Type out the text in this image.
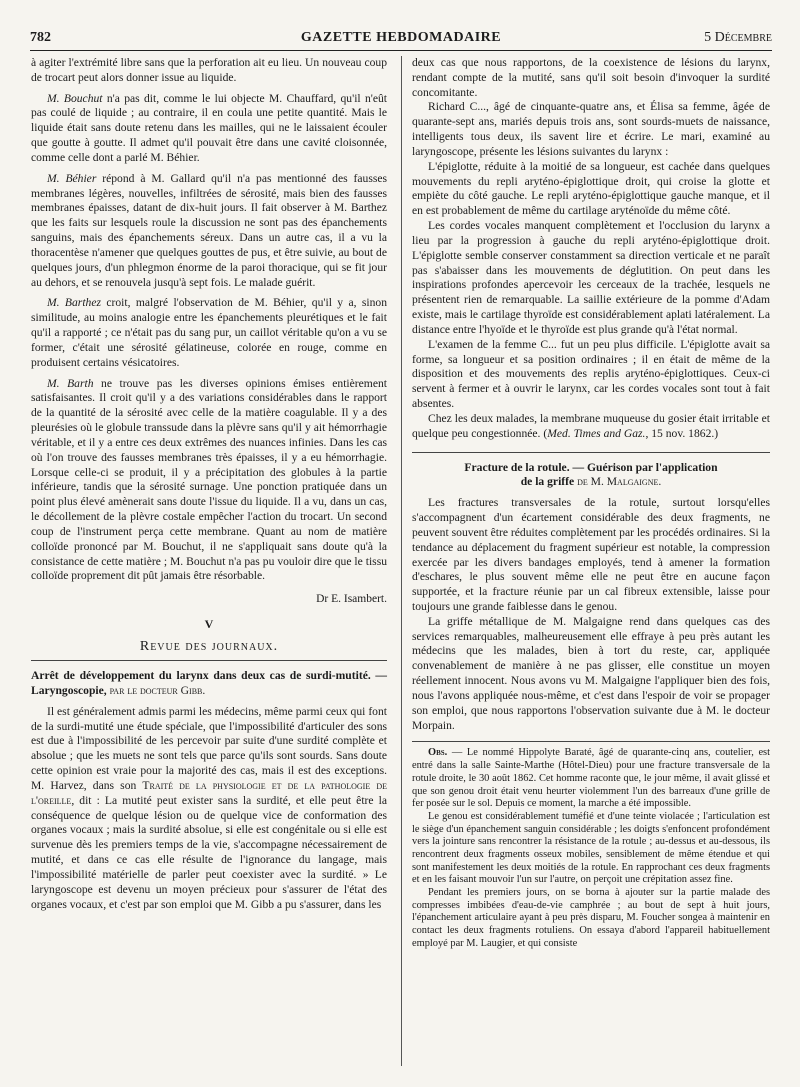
782	GAZETTE HEBDOMADAIRE	5 Décembre

à agiter l'extrémité libre sans que la perforation ait eu lieu. Un nouveau coup de trocart peut alors donner issue au liquide.

M. Bouchut n'a pas dit, comme le lui objecte M. Chauffard, qu'il n'eût pas coulé de liquide ; au contraire, il en coula une petite quantité. Mais le liquide était sans doute retenu dans les mailles, qui ne le laissaient écouler que goutte à goutte. Il admet qu'il pouvait être dans une cavité cloisonnée, comme celle dont a parlé M. Béhier.

M. Béhier répond à M. Gallard qu'il n'a pas mentionné des fausses membranes légères, nouvelles, infiltrées de sérosité, mais bien des fausses membranes épaisses, datant de dix-huit jours. Il fait observer à M. Barthez que les faits sur lesquels roule la discussion ne sont pas des épanchements sanguins, mais des épanchements séreux. Dans un autre cas, il a vu la thoracentèse n'amener que quelques gouttes de pus, et être suivie, au bout de quelques jours, d'un phlegmon énorme de la paroi thoracique, qui se fit jour au dehors, et se renouvela jusqu'à sept fois. Le malade guérit.

M. Barthez croit, malgré l'observation de M. Béhier, qu'il y a, sinon similitude, au moins analogie entre les épanchements pleurétiques et le fait qu'il a rapporté ; ce n'était pas du sang pur, un caillot véritable qu'on a vu se former, c'était une sérosité gélatineuse, colorée en rouge, comme en produisent certains vésicatoires.

M. Barth ne trouve pas les diverses opinions émises entièrement satisfaisantes. Il croit qu'il y a des variations considérables dans le rapport de la quantité de la sérosité avec celle de la matière coagulable. Il y a des pleurésies où le globule transsude dans la plèvre sans qu'il y ait hémorrhagie véritable, et il y a entre ces deux extrêmes des nuances infinies. Dans les cas où l'on trouve des fausses membranes très épaisses, il y a eu hémorrhagie. Lorsque celle-ci se produit, il y a précipitation des globules à la partie inférieure, tandis que la sérosité surnage. Une ponction pratiquée dans un point plus élevé amènerait sans doute l'issue du liquide. Il a vu, dans un cas, le décollement de la plèvre costale empêcher l'action du trocart. Un second coup de l'instrument perça cette membrane. Quant au nom de matière colloïde prononcé par M. Bouchut, il ne s'appliquait sans doute qu'à la consistance de cette matière ; M. Bouchut n'a pas pu vouloir dire que le tissu colloïde proprement dit pût jamais être résorbable.

Dr E. Isambert.

V
Revue des journaux.

Arrêt de développement du larynx dans deux cas de surdi-mutité. — Laryngoscopie, par le docteur Gibb.

Il est généralement admis parmi les médecins, même parmi ceux qui font de la surdi-mutité une étude spéciale, que l'impossibilité d'articuler des sons est due à l'impossibilité de les percevoir par suite d'une surdité complète et absolue ; que les muets ne sont tels que parce qu'ils sont sourds. Sans doute cette opinion est vraie pour la majorité des cas, mais il est des exceptions. M. Harvez, dans son Traité de la physiologie et de la pathologie de l'oreille, dit : La mutité peut exister sans la surdité, et elle peut être la conséquence de quelque lésion ou de quelque vice de conformation des organes vocaux ; mais la surdité absolue, si elle est congénitale ou si elle est survenue dès les premiers temps de la vie, s'accompagne nécessairement de mutité, et dans ce cas elle résulte de l'ignorance du langage, mais l'impossibilité matérielle de parler peut coexister avec la surdité. » Le laryngoscope est devenu un moyen précieux pour s'assurer de l'état des organes vocaux, et c'est par son emploi que M. Gibb a pu s'assurer, dans les

deux cas que nous rapportons, de la coexistence de lésions du larynx, rendant compte de la mutité, sans qu'il soit besoin d'invoquer la surdité concomitante.

Richard C..., âgé de cinquante-quatre ans, et Élisa sa femme, âgée de quarante-sept ans, mariés depuis trois ans, sont sourds-muets de naissance, intelligents tous deux, ils savent lire et écrire. Le mari, examiné au laryngoscope, présente les lésions suivantes du larynx :

L'épiglotte, réduite à la moitié de sa longueur, est cachée dans quelques mouvements du repli aryténo-épiglottique droit, qui croise la glotte et empiète du côté gauche. Le repli aryténo-épiglottique gauche manque, et il en est probablement de même du cartilage aryténoïde du même côté.

Les cordes vocales manquent complètement et l'occlusion du larynx a lieu par la progression à gauche du repli aryténo-épiglottique droit. L'épiglotte semble conserver constamment sa direction verticale et ne paraît pas s'abaisser dans les mouvements de déglutition. On peut dans les inspirations profondes apercevoir les cerceaux de la trachée, lesquels ne présentent rien de remarquable. La saillie extérieure de la pomme d'Adam existe, mais le cartilage thyroïde est considérablement aplati latéralement. La distance entre l'hyoïde et le thyroïde est plus grande qu'à l'état normal.

L'examen de la femme C... fut un peu plus difficile. L'épiglotte avait sa forme, sa longueur et sa position ordinaires ; il en était de même de la disposition et des mouvements des replis aryténo-épiglottiques. Ceux-ci servent à fermer et à ouvrir le larynx, car les cordes vocales sont tout à fait absentes.

Chez les deux malades, la membrane muqueuse du gosier était irritable et quelque peu congestionnée. (Med. Times and Gaz., 15 nov. 1862.)

Fracture de la rotule. — Guérison par l'application
de la griffe de M. Malgaigne.

Les fractures transversales de la rotule, surtout lorsqu'elles s'accompagnent d'un écartement considérable des deux fragments, ne peuvent souvent être réduites complètement par les procédés ordinaires. Si la tendance au déplacement du fragment supérieur est notable, la compression exercée par les divers bandages employés, tend à amener la formation d'eschares, le plus souvent même elle ne peut être en aucune façon supportée, et la fracture réunie par un cal fibreux extensible, laisse pour toujours une grande faiblesse dans le genou.

La griffe métallique de M. Malgaigne rend dans quelques cas des services remarquables, malheureusement elle effraye à peu près autant les médecins que les malades, bien à tort du reste, car, appliquée convenablement de manière à ne pas glisser, elle constitue un moyen réellement innocent. Nous avons vu M. Malgaigne l'appliquer bien des fois, nous l'avons appliquée nous-même, et c'est dans l'espoir de voir se propager son emploi, que nous rapportons l'observation suivante due à M. le docteur Morpain.

Obs. — Le nommé Hippolyte Baraté, âgé de quarante-cinq ans, coutelier, est entré dans la salle Sainte-Marthe (Hôtel-Dieu) pour une fracture transversale de la rotule droite, le 30 août 1862. Cet homme raconte que, le jour même, il avait glissé et que son genou droit était venu heurter violemment l'un des barreaux d'une grille de fer posée sur le sol. Depuis ce moment, la marche a été impossible.

Le genou est considérablement tuméfié et d'une teinte violacée ; l'articulation est le siège d'un épanchement sanguin considérable ; les doigts s'enfoncent profondément vers la jointure sans rencontrer la résistance de la rotule ; au-dessus et au-dessous, ils rencontrent deux fragments osseux mobiles, sensiblement de même étendue et qui sont manifestement les deux moitiés de la rotule. En rapprochant ces deux fragments et en les faisant mouvoir l'un sur l'autre, on perçoit une crépitation assez fine.

Pendant les premiers jours, on se borna à ajouter sur la partie malade des compresses imbibées d'eau-de-vie camphrée ; au bout de sept à huit jours, l'épanchement articulaire ayant à peu près disparu, M. Foucher songea à maintenir en contact les deux fragments rotuliens. On essaya d'abord l'appareil habituellement employé par M. Laugier, et qui consiste
